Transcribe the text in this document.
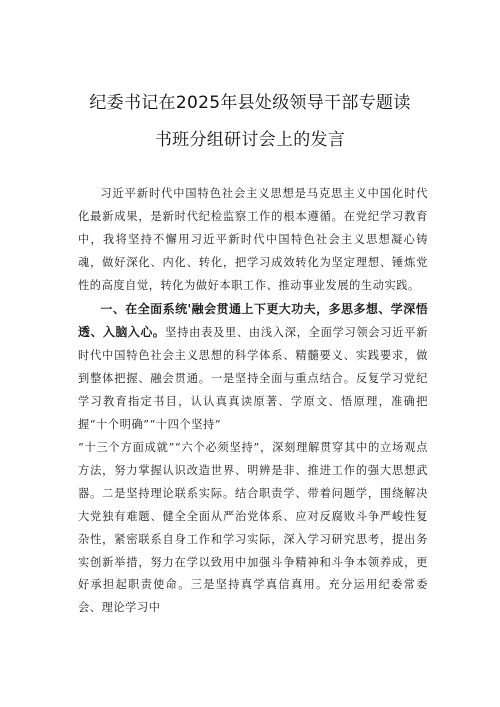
纪委书记在2025年县处级领导干部专题读
书班分组研讨会上的发言

习近平新时代中国特色社会主义思想是马克思主义中国化时代化最新成果，是新时代纪检监察工作的根本遵循。在党纪学习教育中，我将坚持不懈用习近平新时代中国特色社会主义思想凝心铸魂，做好深化、内化、转化，把学习成效转化为坚定理想、锤炼党性的高度自觉，转化为做好本职工作、推动事业发展的生动实践。

一、在全面系统'融会贯通上下更大功夫，多思多想、学深悟透、入脑入心。坚持由表及里、由浅入深，全面学习领会习近平新时代中国特色社会主义思想的科学体系、精髓要义、实践要求，做到整体把握、融会贯通。一是坚持全面与重点结合。反复学习党纪学习教育指定书目，认认真真读原著、学原文、悟原理，准确把握“十个明确”“十四个坚持”

“十三个方面成就”“六个必须坚持”，深刻理解贯穿其中的立场观点方法，努力掌握认识改造世界、明辨是非、推进工作的强大思想武器。二是坚持理论联系实际。结合职责学、带着问题学，围绕解决大党独有难题、健全全面从严治党体系、应对反腐败斗争严峻性复杂性，紧密联系自身工作和学习实际，深入学习研究思考，提出务实创新举措，努力在学以致用中加强斗争精神和斗争本领养成，更好承担起职责使命。三是坚持真学真信真用。充分运用纪委常委会、理论学习中
